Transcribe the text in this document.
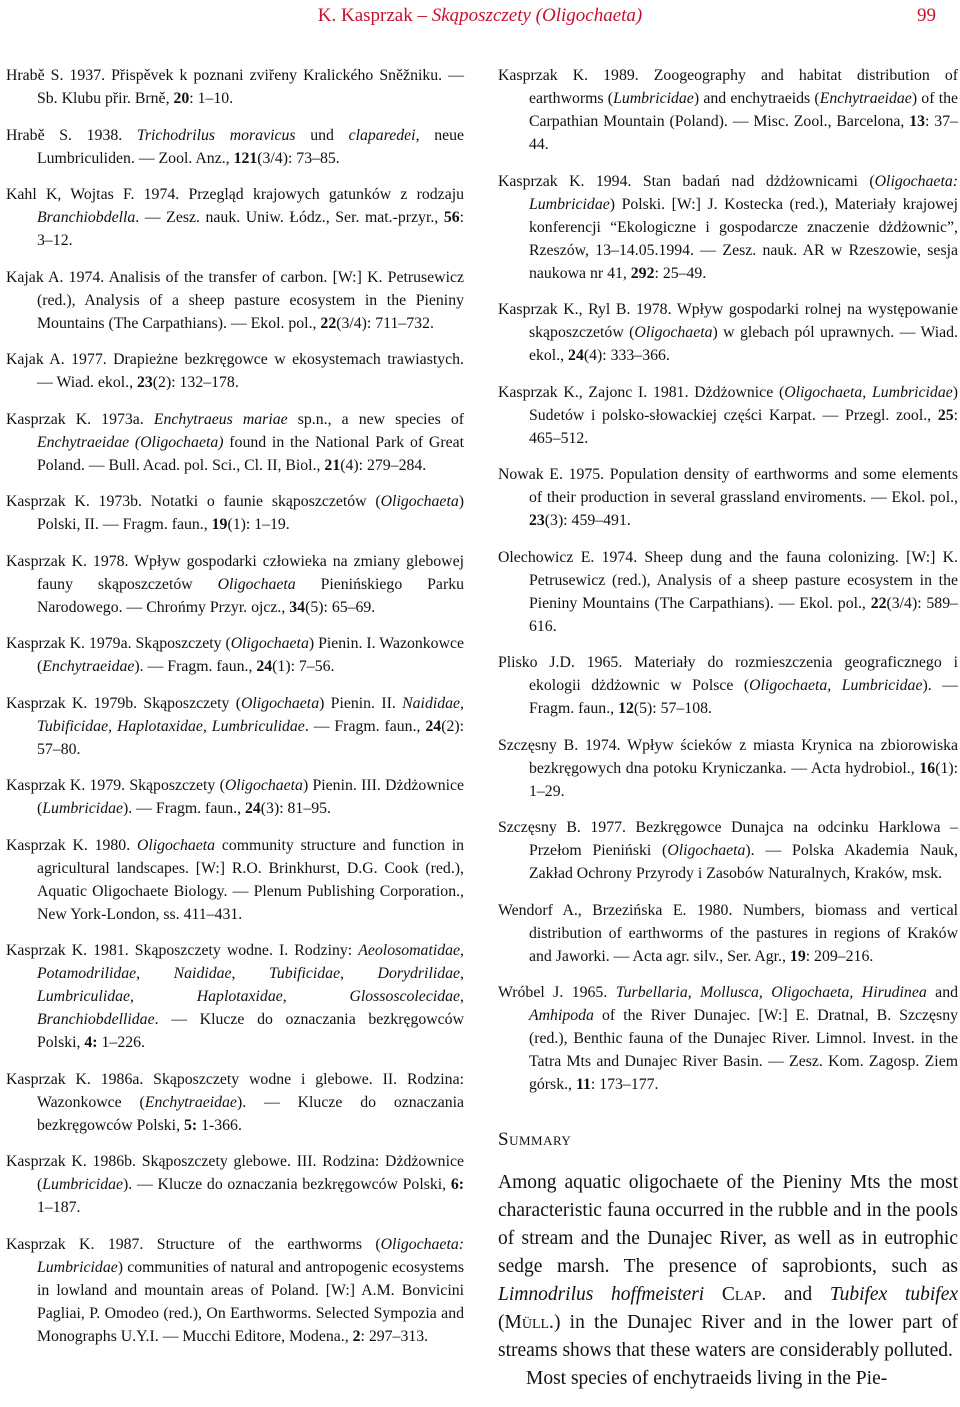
K. Kasprzak – Skąposzczety (Oligochaeta)	99

Hrabě S. 1937. Přispěvek k poznani zviřeny Kralického Sněžniku. — Sb. Klubu přir. Brně, 20: 1–10.

Hrabě S. 1938. Trichodrilus moravicus und claparedei, neue Lumbriculiden. — Zool. Anz., 121(3/4): 73–85.

Kahl K, Wojtas F. 1974. Przegląd krajowych gatunków z rodzaju Branchiobdella. — Zesz. nauk. Uniw. Łódz., Ser. mat.-przyr., 56: 3–12.

Kajak A. 1974. Analisis of the transfer of carbon. [W:] K. Petrusewicz (red.), Analysis of a sheep pasture ecosystem in the Pieniny Mountains (The Carpathians). — Ekol. pol., 22(3/4): 711–732.

Kajak A. 1977. Drapieżne bezkręgowce w ekosystemach trawiastych. — Wiad. ekol., 23(2): 132–178.

Kasprzak K. 1973a. Enchytraeus mariae sp.n., a new species of Enchytraeidae (Oligochaeta) found in the National Park of Great Poland. — Bull. Acad. pol. Sci., Cl. II, Biol., 21(4): 279–284.

Kasprzak K. 1973b. Notatki o faunie skąposzczetów (Oligochaeta) Polski, II. — Fragm. faun., 19(1): 1–19.

Kasprzak K. 1978. Wpływ gospodarki człowieka na zmiany glebowej fauny skąposzczetów Oligochaeta Pienińskiego Parku Narodowego. — Chrońmy Przyr. ojcz., 34(5): 65–69.

Kasprzak K. 1979a. Skąposzczety (Oligochaeta) Pienin. I. Wazonkowce (Enchytraeidae). — Fragm. faun., 24(1): 7–56.

Kasprzak K. 1979b. Skąposzczety (Oligochaeta) Pienin. II. Naididae, Tubificidae, Haplotaxidae, Lumbriculidae. — Fragm. faun., 24(2): 57–80.

Kasprzak K. 1979. Skąposzczety (Oligochaeta) Pienin. III. Dżdżownice (Lumbricidae). — Fragm. faun., 24(3): 81–95.

Kasprzak K. 1980. Oligochaeta community structure and function in agricultural landscapes. [W:] R.O. Brinkhurst, D.G. Cook (red.), Aquatic Oligochaete Biology. — Plenum Publishing Corporation., New York-London, ss. 411–431.

Kasprzak K. 1981. Skąposzczety wodne. I. Rodziny: Aeolosomatidae, Potamodrilidae, Naididae, Tubificidae, Dorydrilidae, Lumbriculidae, Haplotaxidae, Glossoscolecidae, Branchiobdellidae. — Klucze do oznaczania bezkręgowców Polski, 4: 1–226.

Kasprzak K. 1986a. Skąposzczety wodne i glebowe. II. Rodzina: Wazonkowce (Enchytraeidae). — Klucze do oznaczania bezkręgowców Polski, 5: 1-366.

Kasprzak K. 1986b. Skąposzczety glebowe. III. Rodzina: Dżdżownice (Lumbricidae). — Klucze do oznaczania bezkręgowców Polski, 6: 1–187.

Kasprzak K. 1987. Structure of the earthworms (Oligochaeta: Lumbricidae) communities of natural and antropogenic ecosystems in lowland and mountain areas of Poland. [W:] A.M. Bonvicini Pagliai, P. Omodeo (red.), On Earthworms. Selected Sympozia and Monographs U.Y.I. — Mucchi Editore, Modena., 2: 297–313.

Kasprzak K. 1989. Zoogeography and habitat distribution of earthworms (Lumbricidae) and enchytraeids (Enchytraeidae) of the Carpathian Mountain (Poland). — Misc. Zool., Barcelona, 13: 37–44.

Kasprzak K. 1994. Stan badań nad dżdżownicami (Oligochaeta: Lumbricidae) Polski. [W:] J. Kostecka (red.), Materiały krajowej konferencji “Ekologiczne i gospodarcze znaczenie dżdżownic”, Rzeszów, 13–14.05.1994. — Zesz. nauk. AR w Rzeszowie, sesja naukowa nr 41, 292: 25–49.

Kasprzak K., Ryl B. 1978. Wpływ gospodarki rolnej na występowanie skąposzczetów (Oligochaeta) w glebach pól uprawnych. — Wiad. ekol., 24(4): 333–366.

Kasprzak K., Zajonc I. 1981. Dżdżownice (Oligochaeta, Lumbricidae) Sudetów i polsko-słowackiej części Karpat. — Przegl. zool., 25: 465–512.

Nowak E. 1975. Population density of earthworms and some elements of their production in several grassland enviroments. — Ekol. pol., 23(3): 459–491.

Olechowicz E. 1974. Sheep dung and the fauna colonizing. [W:] K. Petrusewicz (red.), Analysis of a sheep pasture ecosystem in the Pieniny Mountains (The Carpathians). — Ekol. pol., 22(3/4): 589–616.

Plisko J.D. 1965. Materiały do rozmieszczenia geograficznego i ekologii dżdżownic w Polsce (Oligochaeta, Lumbricidae). — Fragm. faun., 12(5): 57–108.

Szczęsny B. 1974. Wpływ ścieków z miasta Krynica na zbiorowiska bezkręgowych dna potoku Kryniczanka. — Acta hydrobiol., 16(1): 1–29.

Szczęsny B. 1977. Bezkręgowce Dunajca na odcinku Harklowa – Przełom Pieniński (Oligochaeta). — Polska Akademia Nauk, Zakład Ochrony Przyrody i Zasobów Naturalnych, Kraków, msk.

Wendorf A., Brzezińska E. 1980. Numbers, biomass and vertical distribution of earthworms of the pastures in regions of Kraków and Jaworki. — Acta agr. silv., Ser. Agr., 19: 209–216.

Wróbel J. 1965. Turbellaria, Mollusca, Oligochaeta, Hirudinea and Amhipoda of the River Dunajec. [W:] E. Dratnal, B. Szczęsny (red.), Benthic fauna of the Dunajec River. Limnol. Invest. in the Tatra Mts and Dunajec River Basin. — Zesz. Kom. Zagosp. Ziem górsk., 11: 173–177.

Summary

Among aquatic oligochaete of the Pieniny Mts the most characteristic fauna occurred in the rubble and in the pools of stream and the Dunajec River, as well as in eutrophic sedge marsh. The presence of saprobionts, such as Limnodrilus hoffmeisteri Clap. and Tubifex tubifex (Müll.) in the Dunajec River and in the lower part of streams shows that these waters are considerably polluted.

Most species of enchytraeids living in the Pie-
